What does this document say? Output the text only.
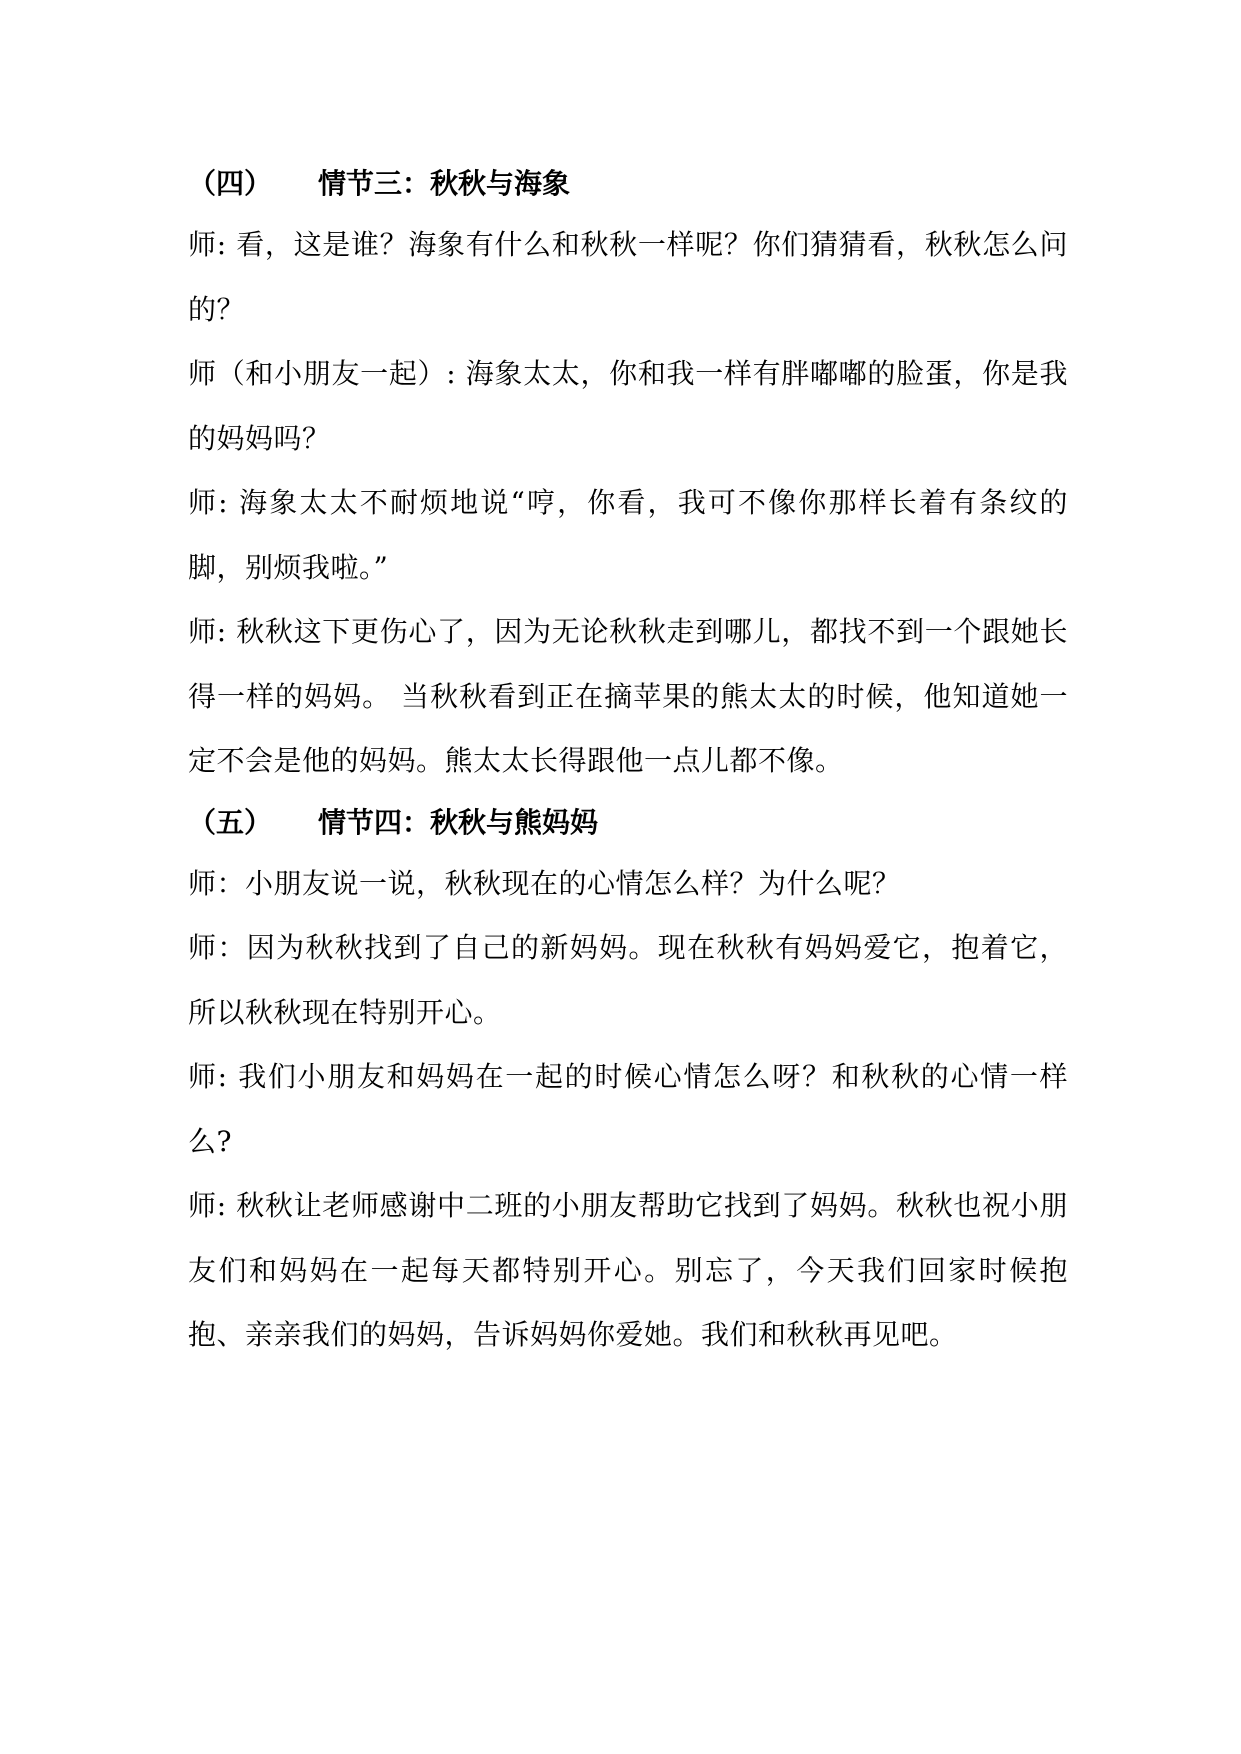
（四） 情节三：秋秋与海象
师: 看，这是谁？海象有什么和秋秋一样呢？你们猜猜看，秋秋怎么问的？
师（和小朋友一起）: 海象太太，你和我一样有胖嘟嘟的脸蛋，你是我的妈妈吗？
师: 海象太太不耐烦地说“哼，你看，我可不像你那样长着有条纹的脚，别烦我啦。”
师: 秋秋这下更伤心了，因为无论秋秋走到哪儿，都找不到一个跟她长得一样的妈妈。 当秋秋看到正在摘苹果的熊太太的时候，他知道她一定不会是他的妈妈。熊太太长得跟他一点儿都不像。
（五） 情节四：秋秋与熊妈妈
师：小朋友说一说，秋秋现在的心情怎么样？为什么呢？
师：因为秋秋找到了自己的新妈妈。现在秋秋有妈妈爱它，抱着它，所以秋秋现在特别开心。
师: 我们小朋友和妈妈在一起的时候心情怎么呀？和秋秋的心情一样么?
师: 秋秋让老师感谢中二班的小朋友帮助它找到了妈妈。秋秋也祝小朋友们和妈妈在一起每天都特别开心。别忘了，今天我们回家时候抱抱、亲亲我们的妈妈，告诉妈妈你爱她。我们和秋秋再见吧。
